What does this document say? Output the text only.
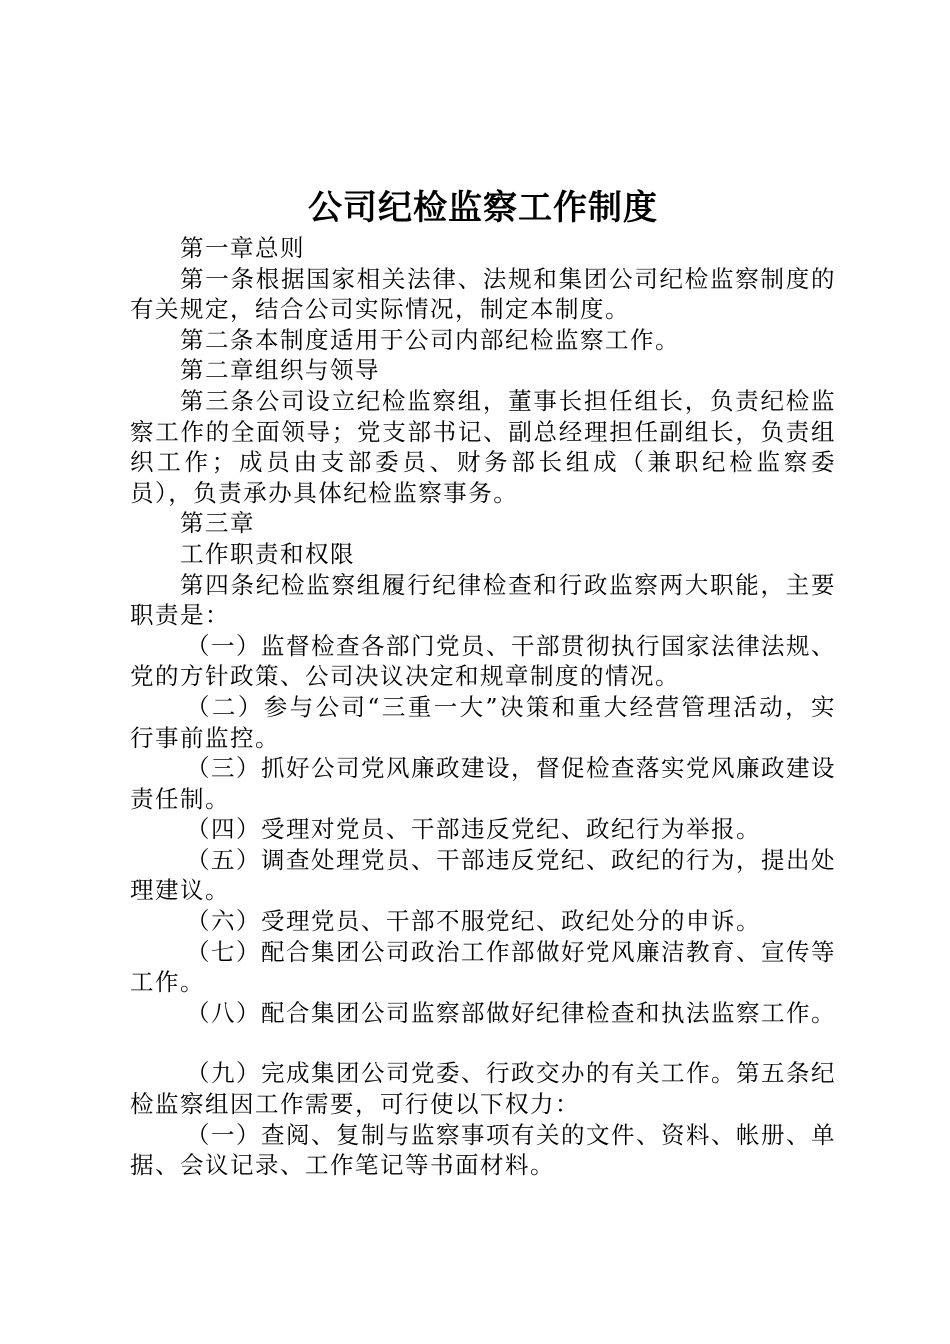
公司纪检监察工作制度

第一章总则

第一条根据国家相关法律、法规和集团公司纪检监察制度的有关规定，结合公司实际情况，制定本制度。

第二条本制度适用于公司内部纪检监察工作。

第二章组织与领导

第三条公司设立纪检监察组，董事长担任组长，负责纪检监察工作的全面领导；党支部书记、副总经理担任副组长，负责组织工作；成员由支部委员、财务部长组成（兼职纪检监察委员），负责承办具体纪检监察事务。

第三章

工作职责和权限

第四条纪检监察组履行纪律检查和行政监察两大职能，主要职责是：

（一）监督检查各部门党员、干部贯彻执行国家法律法规、党的方针政策、公司决议决定和规章制度的情况。

（二）参与公司“三重一大”决策和重大经营管理活动，实行事前监控。

（三）抓好公司党风廉政建设，督促检查落实党风廉政建设责任制。

（四）受理对党员、干部违反党纪、政纪行为举报。

（五）调查处理党员、干部违反党纪、政纪的行为，提出处理建议。

（六）受理党员、干部不服党纪、政纪处分的申诉。

（七）配合集团公司政治工作部做好党风廉洁教育、宣传等工作。

（八）配合集团公司监察部做好纪律检查和执法监察工作。

（九）完成集团公司党委、行政交办的有关工作。第五条纪检监察组因工作需要，可行使以下权力：

（一）查阅、复制与监察事项有关的文件、资料、帐册、单据、会议记录、工作笔记等书面材料。
